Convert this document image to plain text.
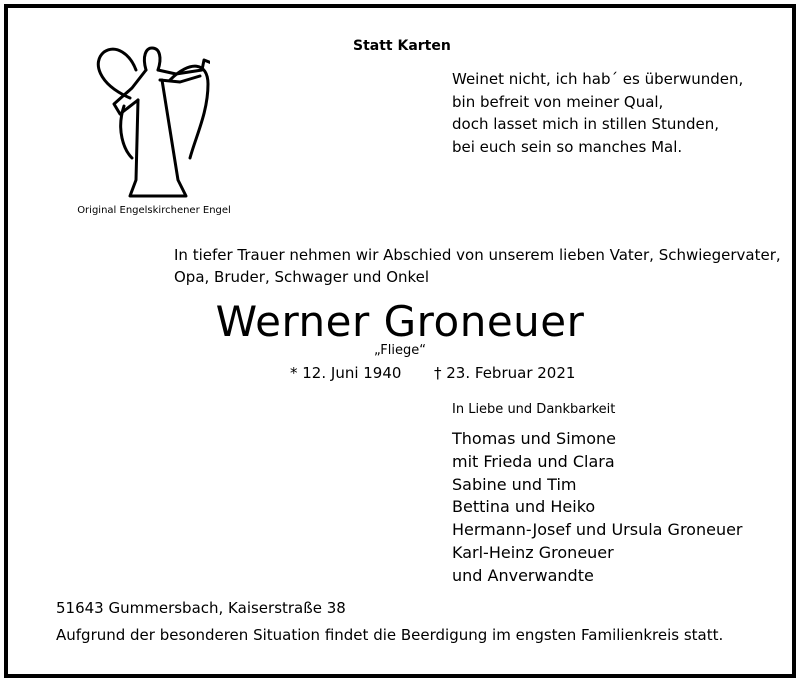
Original Engelskirchener Engel
Statt Karten
Weinet nicht, ich hab´ es überwunden,
bin befreit von meiner Qual,
doch lasset mich in stillen Stunden,
bei euch sein so manches Mal.
In tiefer Trauer nehmen wir Abschied von unserem lieben Vater, Schwiegervater,
Opa, Bruder, Schwager und Onkel
Werner Groneuer
„Fliege“
* 12. Juni 1940 † 23. Februar 2021
In Liebe und Dankbarkeit
Thomas und Simone
mit Frieda und Clara
Sabine und Tim
Bettina und Heiko
Hermann-Josef und Ursula Groneuer
Karl-Heinz Groneuer
und Anverwandte
51643 Gummersbach, Kaiserstraße 38
Aufgrund der besonderen Situation findet die Beerdigung im engsten Familienkreis statt.
